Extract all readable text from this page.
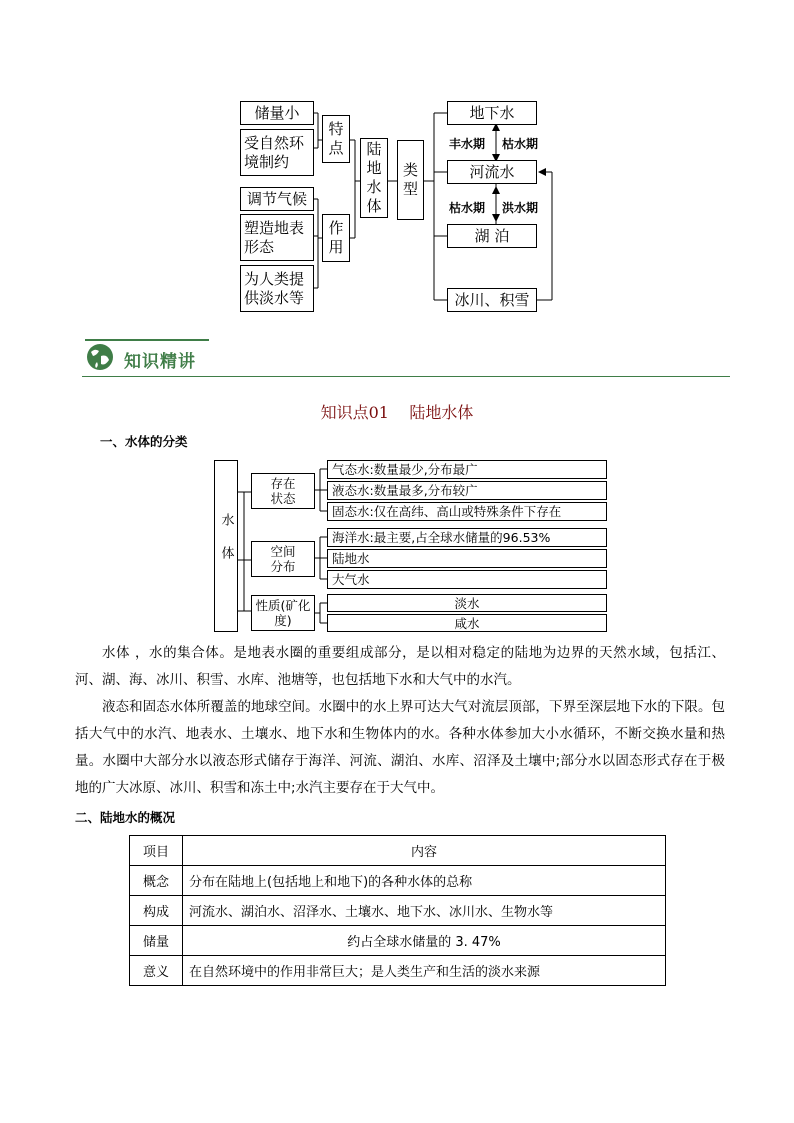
储量小
受自然环境制约
特点
调节气候
塑造地表形态
为人类提供淡水等
作用
陆地水体
类型
地下水
河流水
湖 泊
冰川、积雪
丰水期 枯水期
枯水期 洪水期
知识精讲
知识点01 陆地水体
一、水体的分类
水体
存在状态
空间分布
性质(矿化度)
气态水:数量最少,分布最广
液态水:数量最多,分布较广
固态水:仅在高纬、高山或特殊条件下存在
海洋水:最主要,占全球水储量的96.53%
陆地水
大气水
淡水
咸水
水体 ，水的集合体。是地表水圈的重要组成部分，是以相对稳定的陆地为边界的天然水域，包括江、河、湖、海、冰川、积雪、水库、池塘等，也包括地下水和大气中的水汽。
液态和固态水体所覆盖的地球空间。水圈中的水上界可达大气对流层顶部，下界至深层地下水的下限。包括大气中的水汽、地表水、土壤水、地下水和生物体内的水。各种水体参加大小水循环，不断交换水量和热量。水圈中大部分水以液态形式储存于海洋、河流、湖泊、水库、沼泽及土壤中;部分水以固态形式存在于极地的广大冰原、冰川、积雪和冻土中;水汽主要存在于大气中。
二、陆地水的概况
项目	内容
概念	分布在陆地上(包括地上和地下)的各种水体的总称
构成	河流水、湖泊水、沼泽水、土壤水、地下水、冰川水、生物水等
储量	约占全球水储量的 3. 47%
意义	在自然环境中的作用非常巨大；是人类生产和生活的淡水来源
